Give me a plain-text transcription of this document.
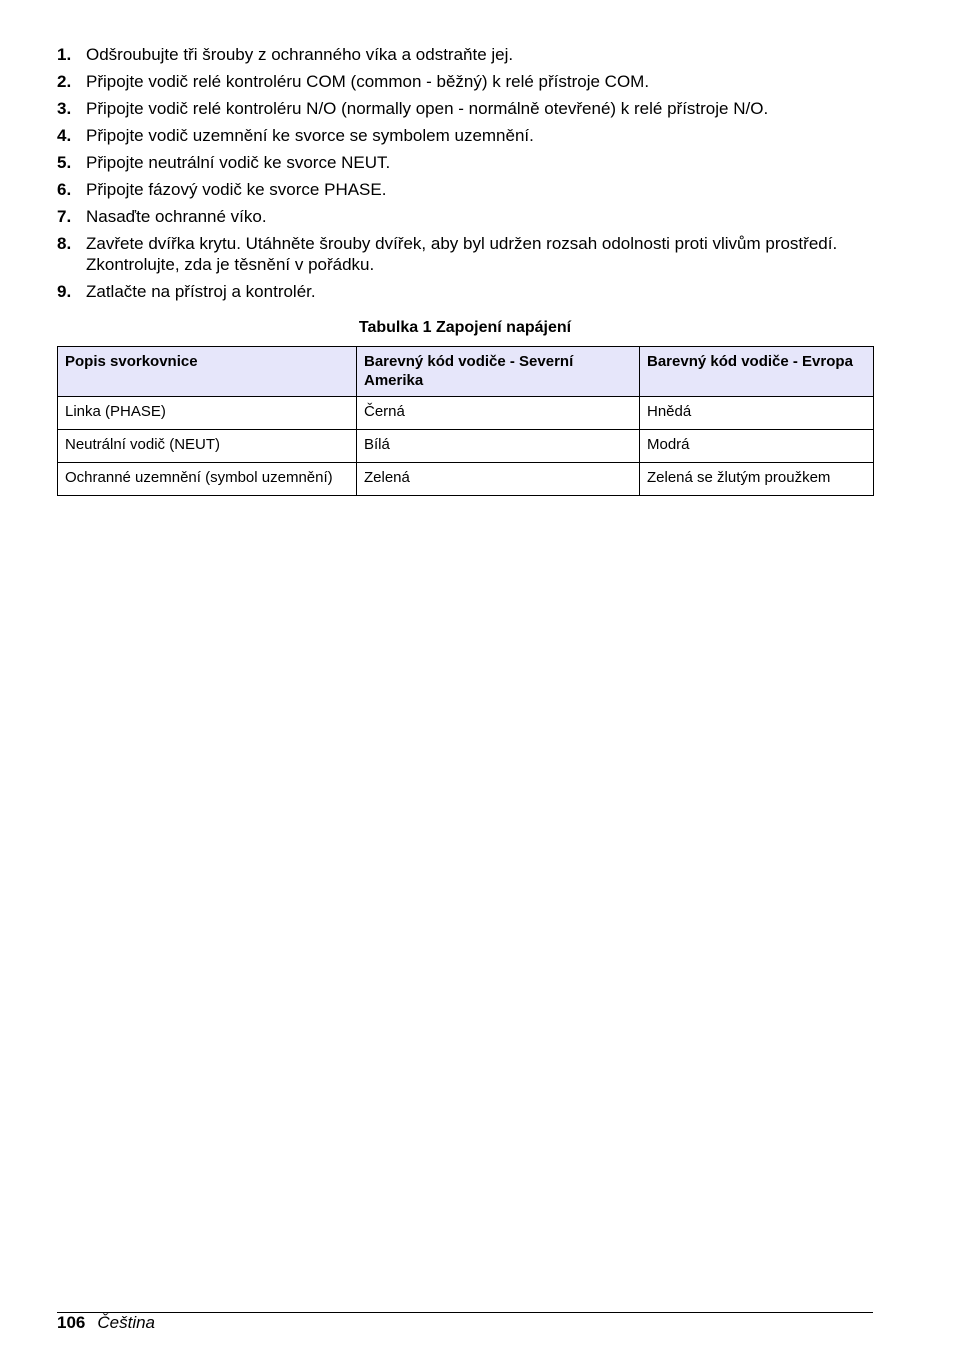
1. Odšroubujte tři šrouby z ochranného víka a odstraňte jej.
2. Připojte vodič relé kontroléru COM (common - běžný) k relé přístroje COM.
3. Připojte vodič relé kontroléru N/O (normally open - normálně otevřené) k relé přístroje N/O.
4. Připojte vodič uzemnění ke svorce se symbolem uzemnění.
5. Připojte neutrální vodič ke svorce NEUT.
6. Připojte fázový vodič ke svorce PHASE.
7. Nasaďte ochranné víko.
8. Zavřete dvířka krytu. Utáhněte šrouby dvířek, aby byl udržen rozsah odolnosti proti vlivům prostředí. Zkontrolujte, zda je těsnění v pořádku.
9. Zatlačte na přístroj a kontrolér.
Tabulka 1 Zapojení napájení
Popis svorkovnice	Barevný kód vodiče - Severní Amerika	Barevný kód vodiče - Evropa
Linka (PHASE)	Černá	Hnědá
Neutrální vodič (NEUT)	Bílá	Modrá
Ochranné uzemnění (symbol uzemnění)	Zelená	Zelená se žlutým proužkem
106 Čeština
